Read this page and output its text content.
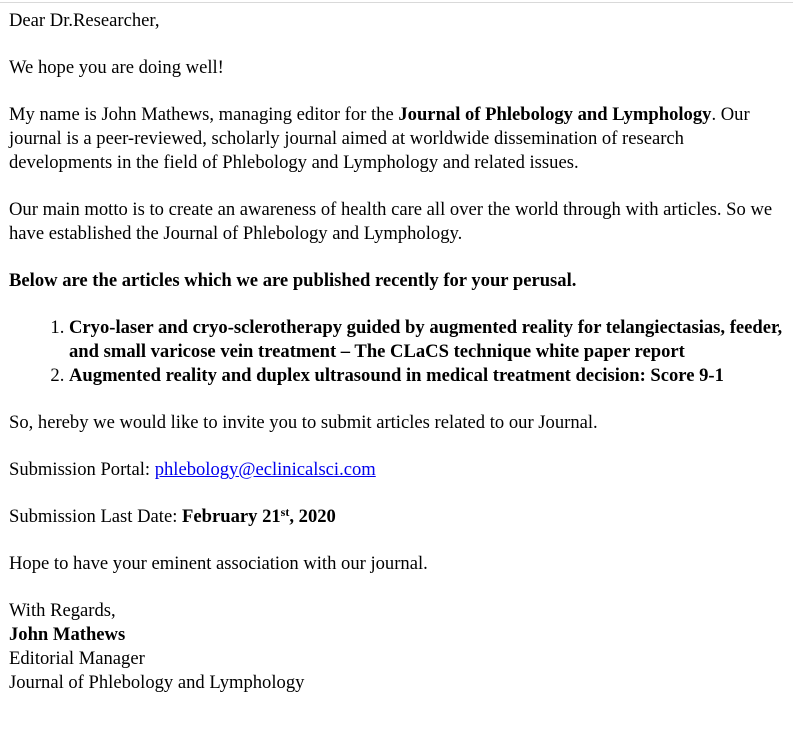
Dear Dr.Researcher,

We hope you are doing well!

My name is John Mathews, managing editor for the Journal of Phlebology and Lymphology. Our journal is a peer-reviewed, scholarly journal aimed at worldwide dissemination of research developments in the field of Phlebology and Lymphology and related issues.

Our main motto is to create an awareness of health care all over the world through with articles. So we have established the Journal of Phlebology and Lymphology.

Below are the articles which we are published recently for your perusal.

1. Cryo-laser and cryo-sclerotherapy guided by augmented reality for telangiectasias, feeder, and small varicose vein treatment – The CLaCS technique white paper report
2. Augmented reality and duplex ultrasound in medical treatment decision: Score 9-1

So, hereby we would like to invite you to submit articles related to our Journal.

Submission Portal: phlebology@eclinicalsci.com

Submission Last Date: February 21st, 2020

Hope to have your eminent association with our journal.

With Regards,
John Mathews
Editorial Manager
Journal of Phlebology and Lymphology
